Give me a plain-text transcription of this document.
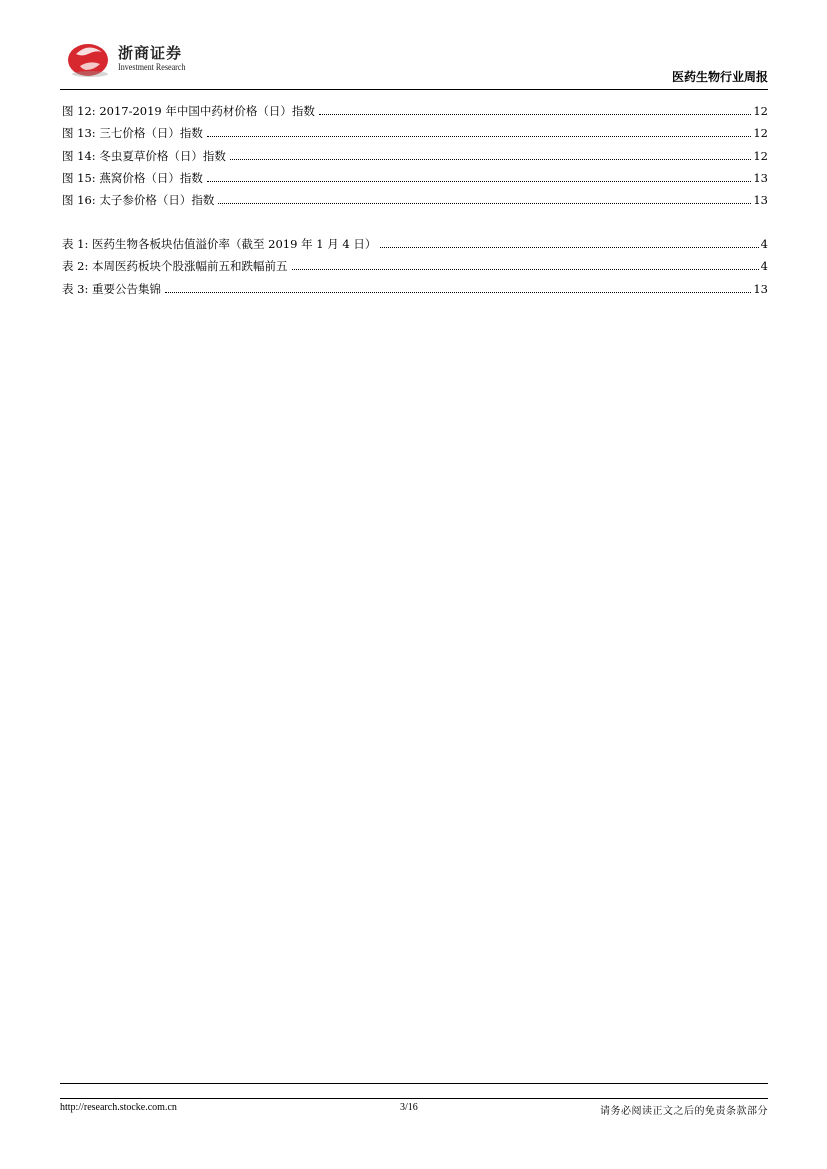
浙商证券
Investment Research
医药生物行业周报
图 12: 2017-2019 年中国中药材价格（日）指数	12
图 13: 三七价格（日）指数	12
图 14: 冬虫夏草价格（日）指数	12
图 15: 燕窝价格（日）指数	13
图 16: 太子参价格（日）指数	13
表 1: 医药生物各板块估值溢价率（截至 2019 年 1 月 4 日）	4
表 2: 本周医药板块个股涨幅前五和跌幅前五	4
表 3: 重要公告集锦	13
http://research.stocke.com.cn	3/16	请务必阅读正文之后的免责条款部分
